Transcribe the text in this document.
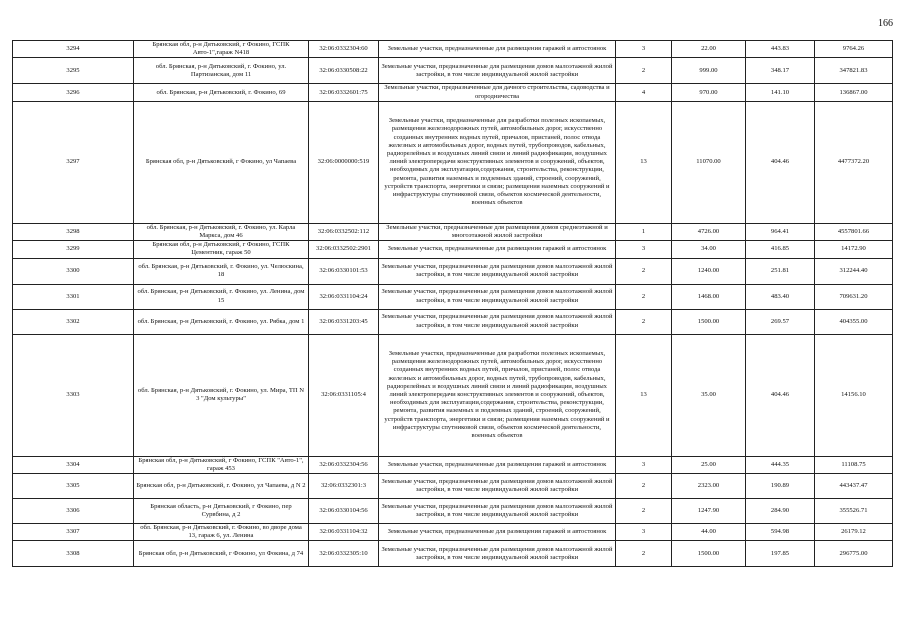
166
3294	Брянская обл, р-н Дятьковский, г Фокино, ГСПК Авто-1",гараж N418	32:06:0332304:60	Земельные участки, предназначенные для размещения гаражей и автостоянок	3	22.00	443.83	9764.26
3295	обл. Брянская, р-н Дятьковский, г. Фокино, ул. Партизанская, дом 11	32:06:0330508:22	Земельные участки, предназначенные для размещения домов малоэтажной жилой застройки, в том числе индивидуальной жилой застройки	2	999.00	348.17	347821.83
3296	обл. Брянская, р-н Дятьковский, г. Фокино, 69	32:06:0332601:75	Земельные участки, предназначенные для дачного строительства, садоводства и огородничества	4	970.00	141.10	136867.00
3297	Брянская обл, р-н Дятьковский, г Фокино, ул Чапаева	32:06:0000000:519	Земельные участки, предназначенные для разработки полезных ископаемых, размещения железнодорожных путей, автомобильных дорог, искусственно созданных внутренних водных путей, причалов, пристаней, полос отвода железных и автомобильных дорог, водных путей, трубопроводов, кабельных, радиорелейных и воздушных линий связи и линий радиофикации, воздушных линий электропередачи конструктивных элементов и сооружений, объектов, необходимых для эксплуатации,содержания, строительства, реконструкции, ремонта, развития наземных и подземных зданий, строений, сооружений, устройств транспорта, энергетики и связи; размещения наземных сооружений и инфраструктуры спутниковой связи, объектов космической деятельности, военных объектов	13	11070.00	404.46	4477372.20
3298	обл. Брянская, р-н Дятьковский, г. Фокино, ул. Карла Маркса, дом 46	32:06:0332502:112	Земельные участки, предназначенные для размещения домов среднеэтажной и многоэтажной жилой застройки	1	4726.00	964.41	4557801.66
3299	Брянская обл, р-н Дятьковский, г Фокино, ГСПК Цементник, гараж 50	32:06:0332502:2901	Земельные участки, предназначенные для размещения гаражей и автостоянок	3	34.00	416.85	14172.90
3300	обл. Брянская, р-н Дятьковский, г. Фокино, ул. Челюскина, 18	32:06:0330101:53	Земельные участки, предназначенные для размещения домов малоэтажной жилой застройки, в том числе индивидуальной жилой застройки	2	1240.00	251.81	312244.40
3301	обл. Брянская, р-н Дятьковский, г. Фокино, ул. Ленина, дом 15	32:06:0331104:24	Земельные участки, предназначенные для размещения домов малоэтажной жилой застройки, в том числе индивидуальной жилой застройки	2	1468.00	483.40	709631.20
3302	обл. Брянская, р-н Дятьковский, г. Фокино, ул. Рябка, дом 1	32:06:0331203:45	Земельные участки, предназначенные для размещения домов малоэтажной жилой застройки, в том числе индивидуальной жилой застройки	2	1500.00	269.57	404355.00
3303	обл. Брянская, р-н Дятьковский, г. Фокино, ул. Мира, ТП N 3 "Дом культуры"	32:06:0331105:4	Земельные участки, предназначенные для разработки полезных ископаемых, размещения железнодорожных путей, автомобильных дорог, искусственно созданных внутренних водных путей, причалов, пристаней, полос отвода железных и автомобильных дорог, водных путей, трубопроводов, кабельных, радиорелейных и воздушных линий связи и линий радиофикации, воздушных линий электропередачи конструктивных элементов и сооружений, объектов, необходимых для эксплуатации,содержания, строительства, реконструкции, ремонта, развития наземных и подземных зданий, строений, сооружений, устройств транспорта, энергетики и связи; размещения наземных сооружений и инфраструктуры спутниковой связи, объектов космической деятельности, военных объектов	13	35.00	404.46	14156.10
3304	Брянская обл, р-н Дятьковский, г Фокино, ГСПК "Авто-1", гараж 453	32:06:0332304:56	Земельные участки, предназначенные для размещения гаражей и автостоянок	3	25.00	444.35	11108.75
3305	Брянская обл, р-н Дятьковский, г. Фокино, ул Чапаева, д N 2	32:06:0332301:3	Земельные участки, предназначенные для размещения домов малоэтажной жилой застройки, в том числе индивидуальной жилой застройки	2	2323.00	190.89	443437.47
3306	Брянская область, р-н Дятьковский, г Фокино, пер Сурвбина, д 2	32:06:0330104:56	Земельные участки, предназначенные для размещения домов малоэтажной жилой застройки, в том числе индивидуальной жилой застройки	2	1247.90	284.90	355526.71
3307	обл. Брянская, р-н Дятьковский, г. Фокино, во дворе дома 13, гараж 6, ул. Ленина	32:06:0331104:32	Земельные участки, предназначенные для размещения гаражей и автостоянок	3	44.00	594.98	26179.12
3308	Брянская обл, р-н Дятьковский, г Фокино, ул Фокина, д 74	32:06:0332305:10	Земельные участки, предназначенные для размещения домов малоэтажной жилой застройки, в том числе индивидуальной жилой застройки	2	1500.00	197.85	296775.00
